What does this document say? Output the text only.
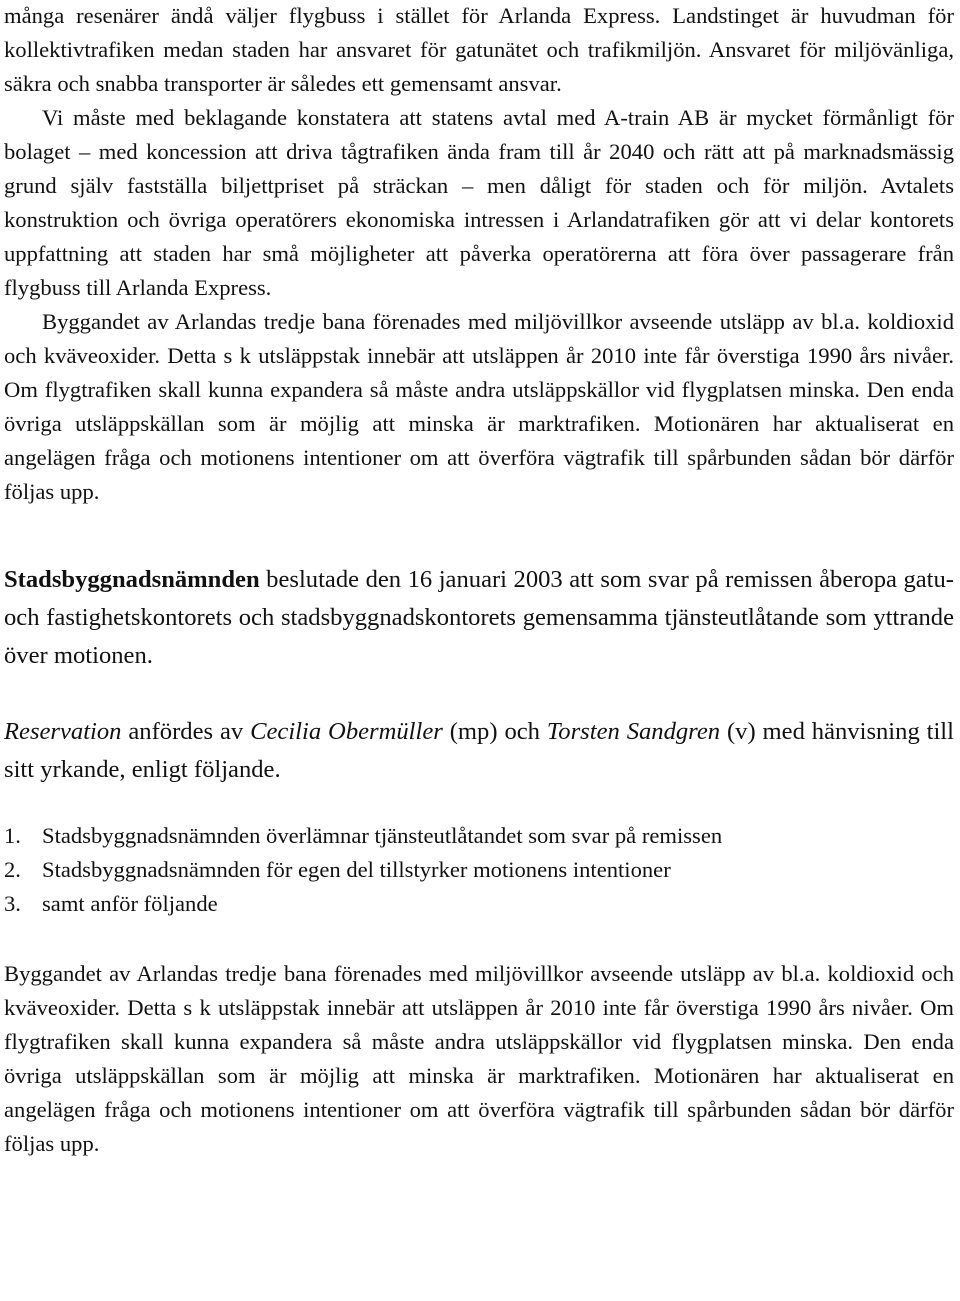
många resenärer ändå väljer flygbuss i stället för Arlanda Express. Landstinget är huvudman för kollektivtrafiken medan staden har ansvaret för gatunätet och trafikmiljön. Ansvaret för miljövänliga, säkra och snabba transporter är således ett gemensamt ansvar.

Vi måste med beklagande konstatera att statens avtal med A-train AB är mycket förmånligt för bolaget – med koncession att driva tågtrafiken ända fram till år 2040 och rätt att på marknadsmässig grund själv fastställa biljettpriset på sträckan – men dåligt för staden och för miljön. Avtalets konstruktion och övriga operatörers ekonomiska intressen i Arlandatrafiken gör att vi delar kontorets uppfattning att staden har små möjligheter att påverka operatörerna att föra över passagerare från flygbuss till Arlanda Express.

Byggandet av Arlandas tredje bana förenades med miljövillkor avseende utsläpp av bl.a. koldioxid och kväveoxider. Detta s k utsläppstak innebär att utsläppen år 2010 inte får överstiga 1990 års nivåer. Om flygtrafiken skall kunna expandera så måste andra utsläppskällor vid flygplatsen minska. Den enda övriga utsläppskällan som är möjlig att minska är marktrafiken. Motionären har aktualiserat en angelägen fråga och motionens intentioner om att överföra vägtrafik till spårbunden sådan bör därför följas upp.

Stadsbyggnadsnämnden beslutade den 16 januari 2003 att som svar på remissen åberopa gatu- och fastighetskontorets och stadsbyggnadskontorets gemensamma tjänsteutlåtande som yttrande över motionen.

Reservation anfördes av Cecilia Obermüller (mp) och Torsten Sandgren (v) med hänvisning till sitt yrkande, enligt följande.

1. Stadsbyggnadsnämnden överlämnar tjänsteutlåtandet som svar på remissen
2. Stadsbyggnadsnämnden för egen del tillstyrker motionens intentioner
3. samt anför följande

Byggandet av Arlandas tredje bana förenades med miljövillkor avseende utsläpp av bl.a. koldioxid och kväveoxider. Detta s k utsläppstak innebär att utsläppen år 2010 inte får överstiga 1990 års nivåer. Om flygtrafiken skall kunna expandera så måste andra utsläppskällor vid flygplatsen minska. Den enda övriga utsläppskällan som är möjlig att minska är marktrafiken. Motionären har aktualiserat en angelägen fråga och motionens intentioner om att överföra vägtrafik till spårbunden sådan bör därför följas upp.
